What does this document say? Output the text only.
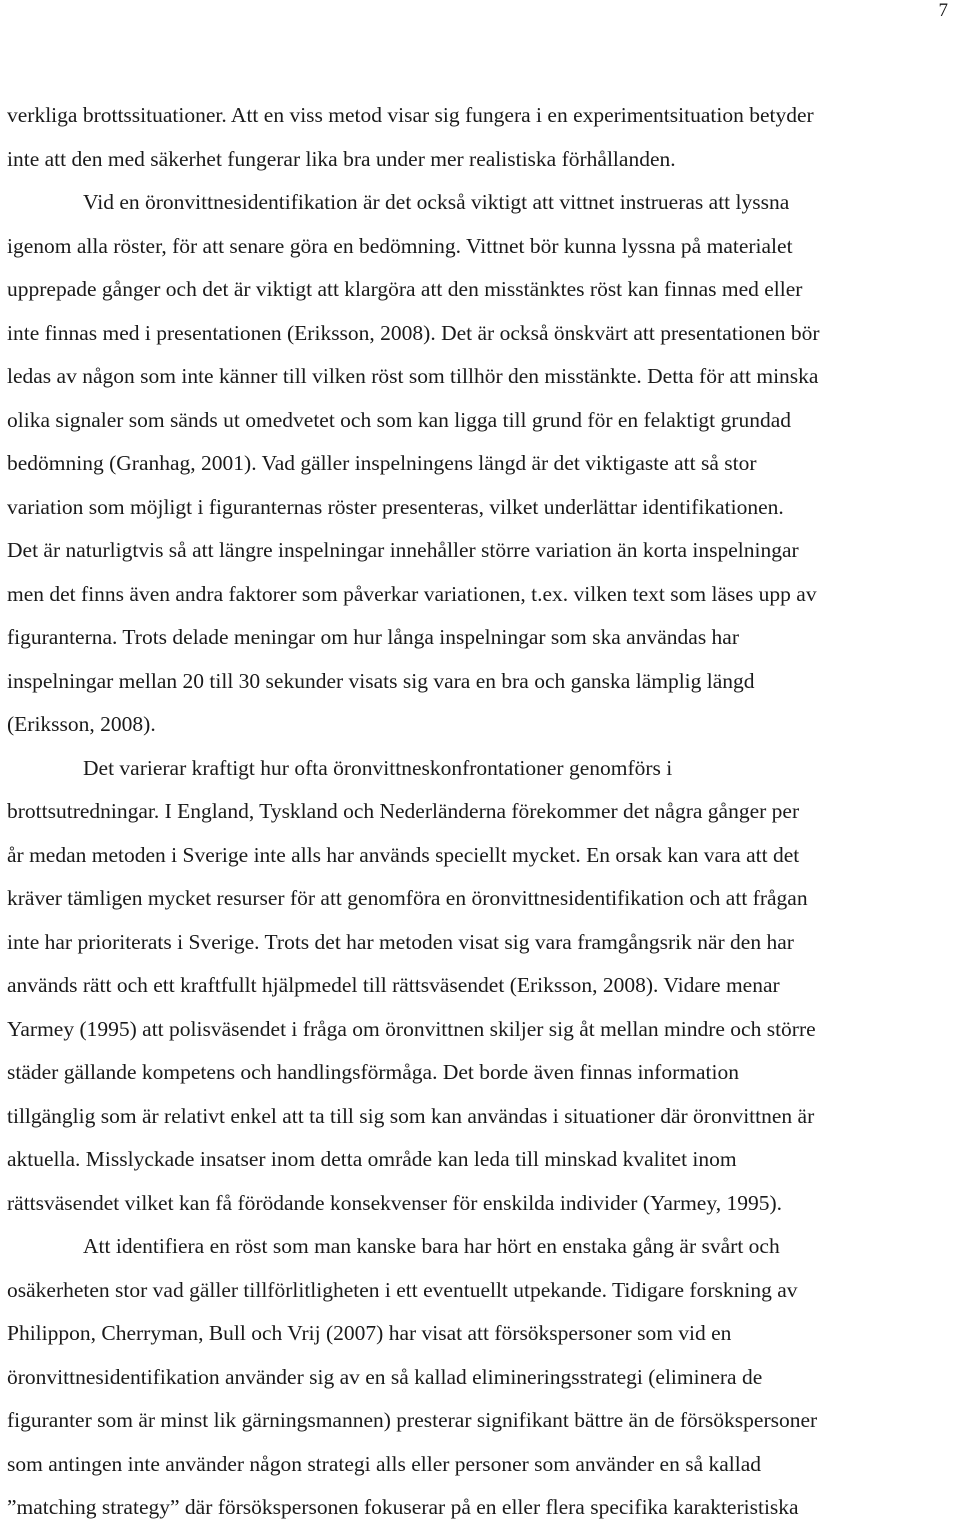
7
verkliga brottssituationer. Att en viss metod visar sig fungera i en experimentsituation betyder
inte att den med säkerhet fungerar lika bra under mer realistiska förhållanden.
Vid en öronvittnesidentifikation är det också viktigt att vittnet instrueras att lyssna
igenom alla röster, för att senare göra en bedömning. Vittnet bör kunna lyssna på materialet
upprepade gånger och det är viktigt att klargöra att den misstänktes röst kan finnas med eller
inte finnas med i presentationen (Eriksson, 2008). Det är också önskvärt att presentationen bör
ledas av någon som inte känner till vilken röst som tillhör den misstänkte. Detta för att minska
olika signaler som sänds ut omedvetet och som kan ligga till grund för en felaktigt grundad
bedömning (Granhag, 2001). Vad gäller inspelningens längd är det viktigaste att så stor
variation som möjligt i figuranternas röster presenteras, vilket underlättar identifikationen.
Det är naturligtvis så att längre inspelningar innehåller större variation än korta inspelningar
men det finns även andra faktorer som påverkar variationen, t.ex. vilken text som läses upp av
figuranterna. Trots delade meningar om hur långa inspelningar som ska användas har
inspelningar mellan 20 till 30 sekunder visats sig vara en bra och ganska lämplig längd
(Eriksson, 2008).
Det varierar kraftigt hur ofta öronvittneskonfrontationer genomförs i
brottsutredningar. I England, Tyskland och Nederländerna förekommer det några gånger per
år medan metoden i Sverige inte alls har används speciellt mycket. En orsak kan vara att det
kräver tämligen mycket resurser för att genomföra en öronvittnesidentifikation och att frågan
inte har prioriterats i Sverige. Trots det har metoden visat sig vara framgångsrik när den har
används rätt och ett kraftfullt hjälpmedel till rättsväsendet (Eriksson, 2008). Vidare menar
Yarmey (1995) att polisväsendet i fråga om öronvittnen skiljer sig åt mellan mindre och större
städer gällande kompetens och handlingsförmåga. Det borde även finnas information
tillgänglig som är relativt enkel att ta till sig som kan användas i situationer där öronvittnen är
aktuella. Misslyckade insatser inom detta område kan leda till minskad kvalitet inom
rättsväsendet vilket kan få förödande konsekvenser för enskilda individer (Yarmey, 1995).
Att identifiera en röst som man kanske bara har hört en enstaka gång är svårt och
osäkerheten stor vad gäller tillförlitligheten i ett eventuellt utpekande. Tidigare forskning av
Philippon, Cherryman, Bull och Vrij (2007) har visat att försökspersoner som vid en
öronvittnesidentifikation använder sig av en så kallad elimineringsstrategi (eliminera de
figuranter som är minst lik gärningsmannen) presterar signifikant bättre än de försökspersoner
som antingen inte använder någon strategi alls eller personer som använder en så kallad
”matching strategy” där försökspersonen fokuserar på en eller flera specifika karakteristiska
